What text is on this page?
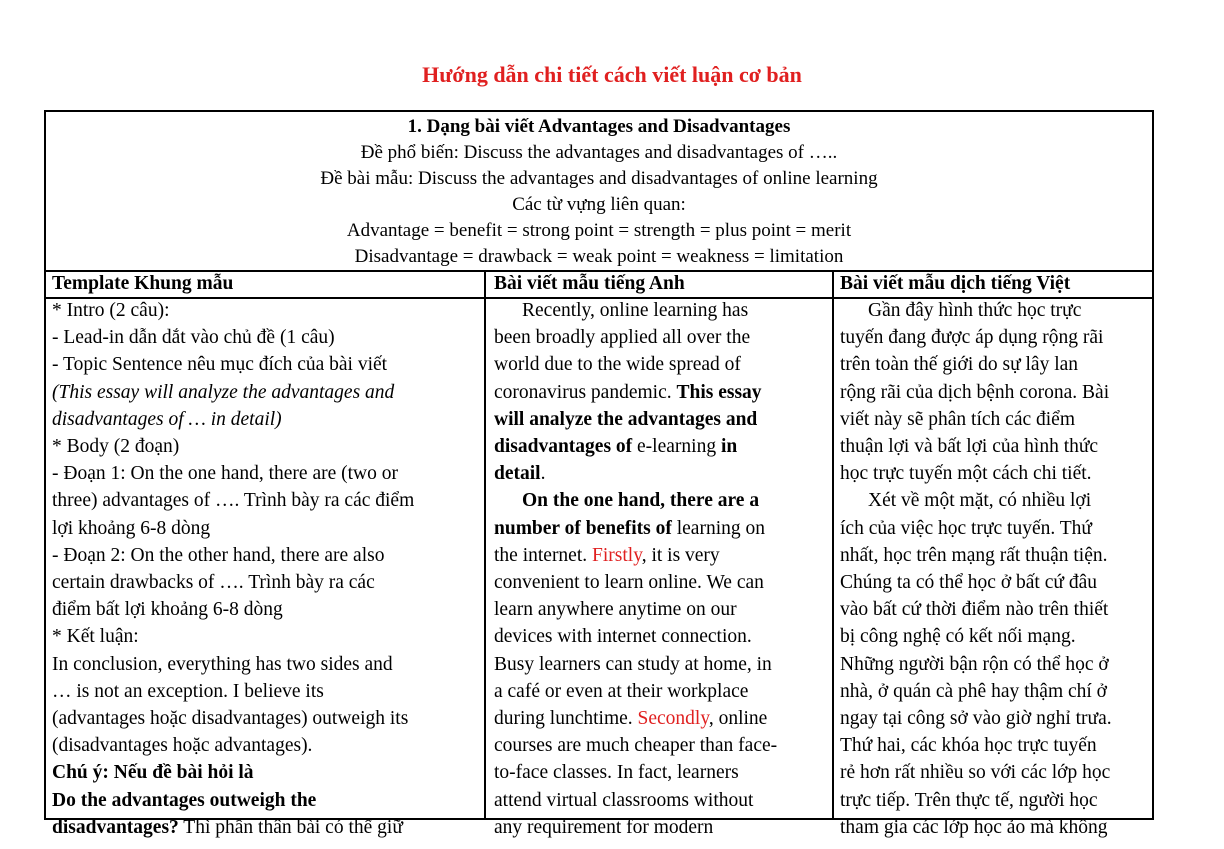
Hướng dẫn chi tiết cách viết luận cơ bản
1. Dạng bài viết Advantages and Disadvantages
Đề phổ biến: Discuss the advantages and disadvantages of …..
Đề bài mẫu: Discuss the advantages and disadvantages of online learning
Các từ vựng liên quan:
Advantage = benefit = strong point = strength = plus point = merit
Disadvantage = drawback = weak point = weakness = limitation
Template Khung mẫu
* Intro (2 câu):
- Lead-in dẫn dắt vào chủ đề (1 câu)
- Topic Sentence nêu mục đích của bài viết
(This essay will analyze the advantages and
disadvantages of … in detail)
* Body (2 đoạn)
- Đoạn 1: On the one hand, there are (two or
three) advantages of …. Trình bày ra các điểm
lợi khoảng 6-8 dòng
- Đoạn 2: On the other hand, there are also
certain drawbacks of …. Trình bày ra các
điểm bất lợi khoảng 6-8 dòng
* Kết luận:
In conclusion, everything has two sides and
… is not an exception. I believe its
(advantages hoặc disadvantages) outweigh its
(disadvantages hoặc advantages).
Chú ý: Nếu đề bài hỏi là
Do the advantages outweigh the
disadvantages? Thì phần thân bài có thể giữ
Bài viết mẫu tiếng Anh
Recently, online learning has
been broadly applied all over the
world due to the wide spread of
coronavirus pandemic. This essay
will analyze the advantages and
disadvantages of e-learning in
detail.
On the one hand, there are a
number of benefits of learning on
the internet. Firstly, it is very
convenient to learn online. We can
learn anywhere anytime on our
devices with internet connection.
Busy learners can study at home, in
a café or even at their workplace
during lunchtime. Secondly, online
courses are much cheaper than face-
to-face classes. In fact, learners
attend virtual classrooms without
any requirement for modern
Bài viết mẫu dịch tiếng Việt
Gần đây hình thức học trực
tuyến đang được áp dụng rộng rãi
trên toàn thế giới do sự lây lan
rộng rãi của dịch bệnh corona. Bài
viết này sẽ phân tích các điểm
thuận lợi và bất lợi của hình thức
học trực tuyến một cách chi tiết.
Xét về một mặt, có nhiều lợi
ích của việc học trực tuyến. Thứ
nhất, học trên mạng rất thuận tiện.
Chúng ta có thể học ở bất cứ đâu
vào bất cứ thời điểm nào trên thiết
bị công nghệ có kết nối mạng.
Những người bận rộn có thể học ở
nhà, ở quán cà phê hay thậm chí ở
ngay tại công sở vào giờ nghỉ trưa.
Thứ hai, các khóa học trực tuyến
rẻ hơn rất nhiều so với các lớp học
trực tiếp. Trên thực tế, người học
tham gia các lớp học ảo mà không
